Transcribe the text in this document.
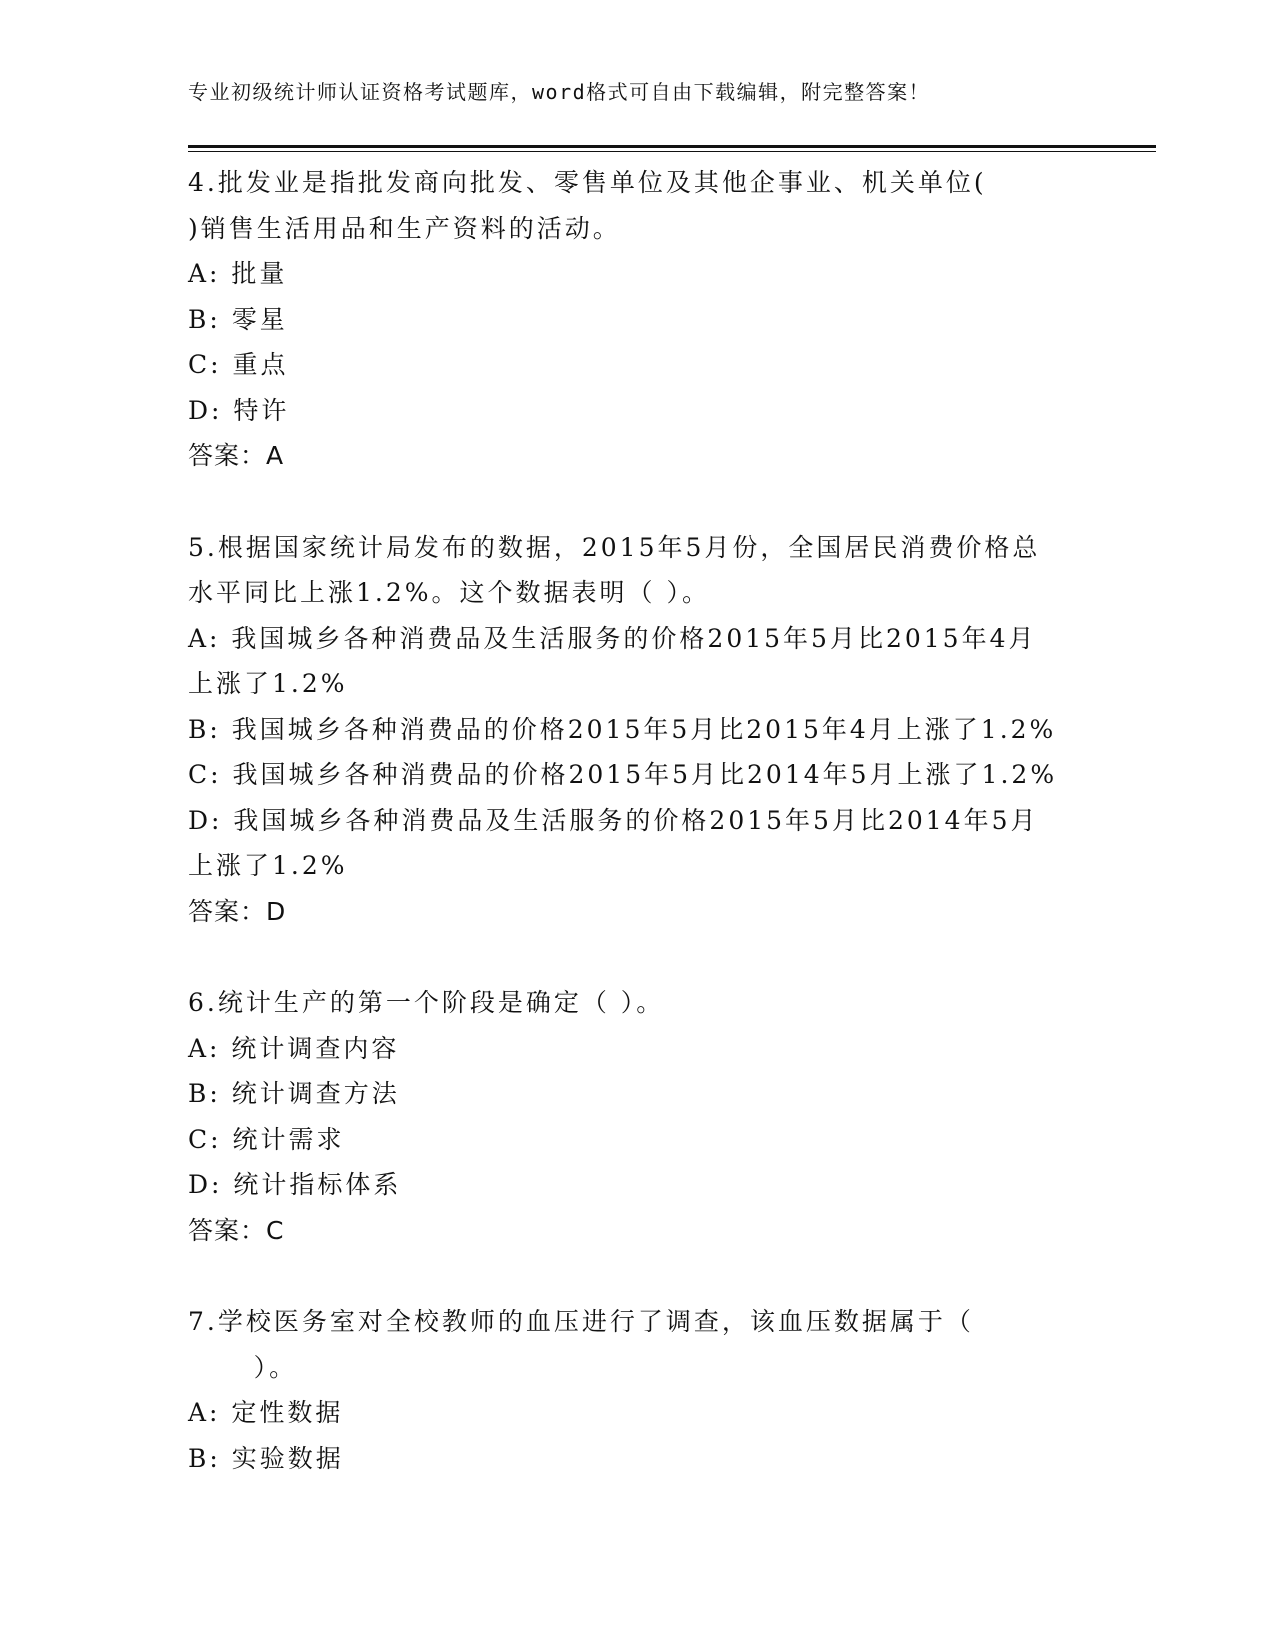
专业初级统计师认证资格考试题库，word格式可自由下载编辑，附完整答案！
4.批发业是指批发商向批发、零售单位及其他企事业、机关单位(
)销售生活用品和生产资料的活动。
A: 批量
B: 零星
C: 重点
D: 特许
答案：A
5.根据国家统计局发布的数据，2015年5月份，全国居民消费价格总
水平同比上涨1.2%。这个数据表明（ ）。
A: 我国城乡各种消费品及生活服务的价格2015年5月比2015年4月
上涨了1.2%
B: 我国城乡各种消费品的价格2015年5月比2015年4月上涨了1.2%
C: 我国城乡各种消费品的价格2015年5月比2014年5月上涨了1.2%
D: 我国城乡各种消费品及生活服务的价格2015年5月比2014年5月
上涨了1.2%
答案：D
6.统计生产的第一个阶段是确定（ ）。
A: 统计调查内容
B: 统计调查方法
C: 统计需求
D: 统计指标体系
答案：C
7.学校医务室对全校教师的血压进行了调查，该血压数据属于（
）。
A: 定性数据
B: 实验数据
